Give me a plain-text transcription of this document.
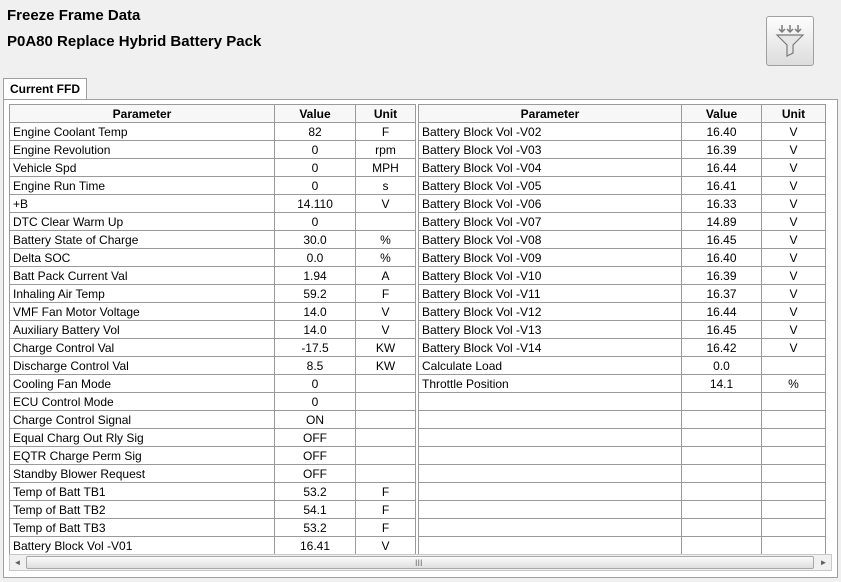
Freeze Frame Data
P0A80 Replace Hybrid Battery Pack
Current FFD
Parameter	Value	Unit
Engine Coolant Temp	82	F
Engine Revolution	0	rpm
Vehicle Spd	0	MPH
Engine Run Time	0	s
+B	14.110	V
DTC Clear Warm Up	0	
Battery State of Charge	30.0	%
Delta SOC	0.0	%
Batt Pack Current Val	1.94	A
Inhaling Air Temp	59.2	F
VMF Fan Motor Voltage	14.0	V
Auxiliary Battery Vol	14.0	V
Charge Control Val	-17.5	KW
Discharge Control Val	8.5	KW
Cooling Fan Mode	0	
ECU Control Mode	0	
Charge Control Signal	ON	
Equal Charg Out Rly Sig	OFF	
EQTR Charge Perm Sig	OFF	
Standby Blower Request	OFF	
Temp of Batt TB1	53.2	F
Temp of Batt TB2	54.1	F
Temp of Batt TB3	53.2	F
Battery Block Vol -V01	16.41	V
Parameter	Value	Unit
Battery Block Vol -V02	16.40	V
Battery Block Vol -V03	16.39	V
Battery Block Vol -V04	16.44	V
Battery Block Vol -V05	16.41	V
Battery Block Vol -V06	16.33	V
Battery Block Vol -V07	14.89	V
Battery Block Vol -V08	16.45	V
Battery Block Vol -V09	16.40	V
Battery Block Vol -V10	16.39	V
Battery Block Vol -V11	16.37	V
Battery Block Vol -V12	16.44	V
Battery Block Vol -V13	16.45	V
Battery Block Vol -V14	16.42	V
Calculate Load	0.0	
Throttle Position	14.1	%

◄	III	►
